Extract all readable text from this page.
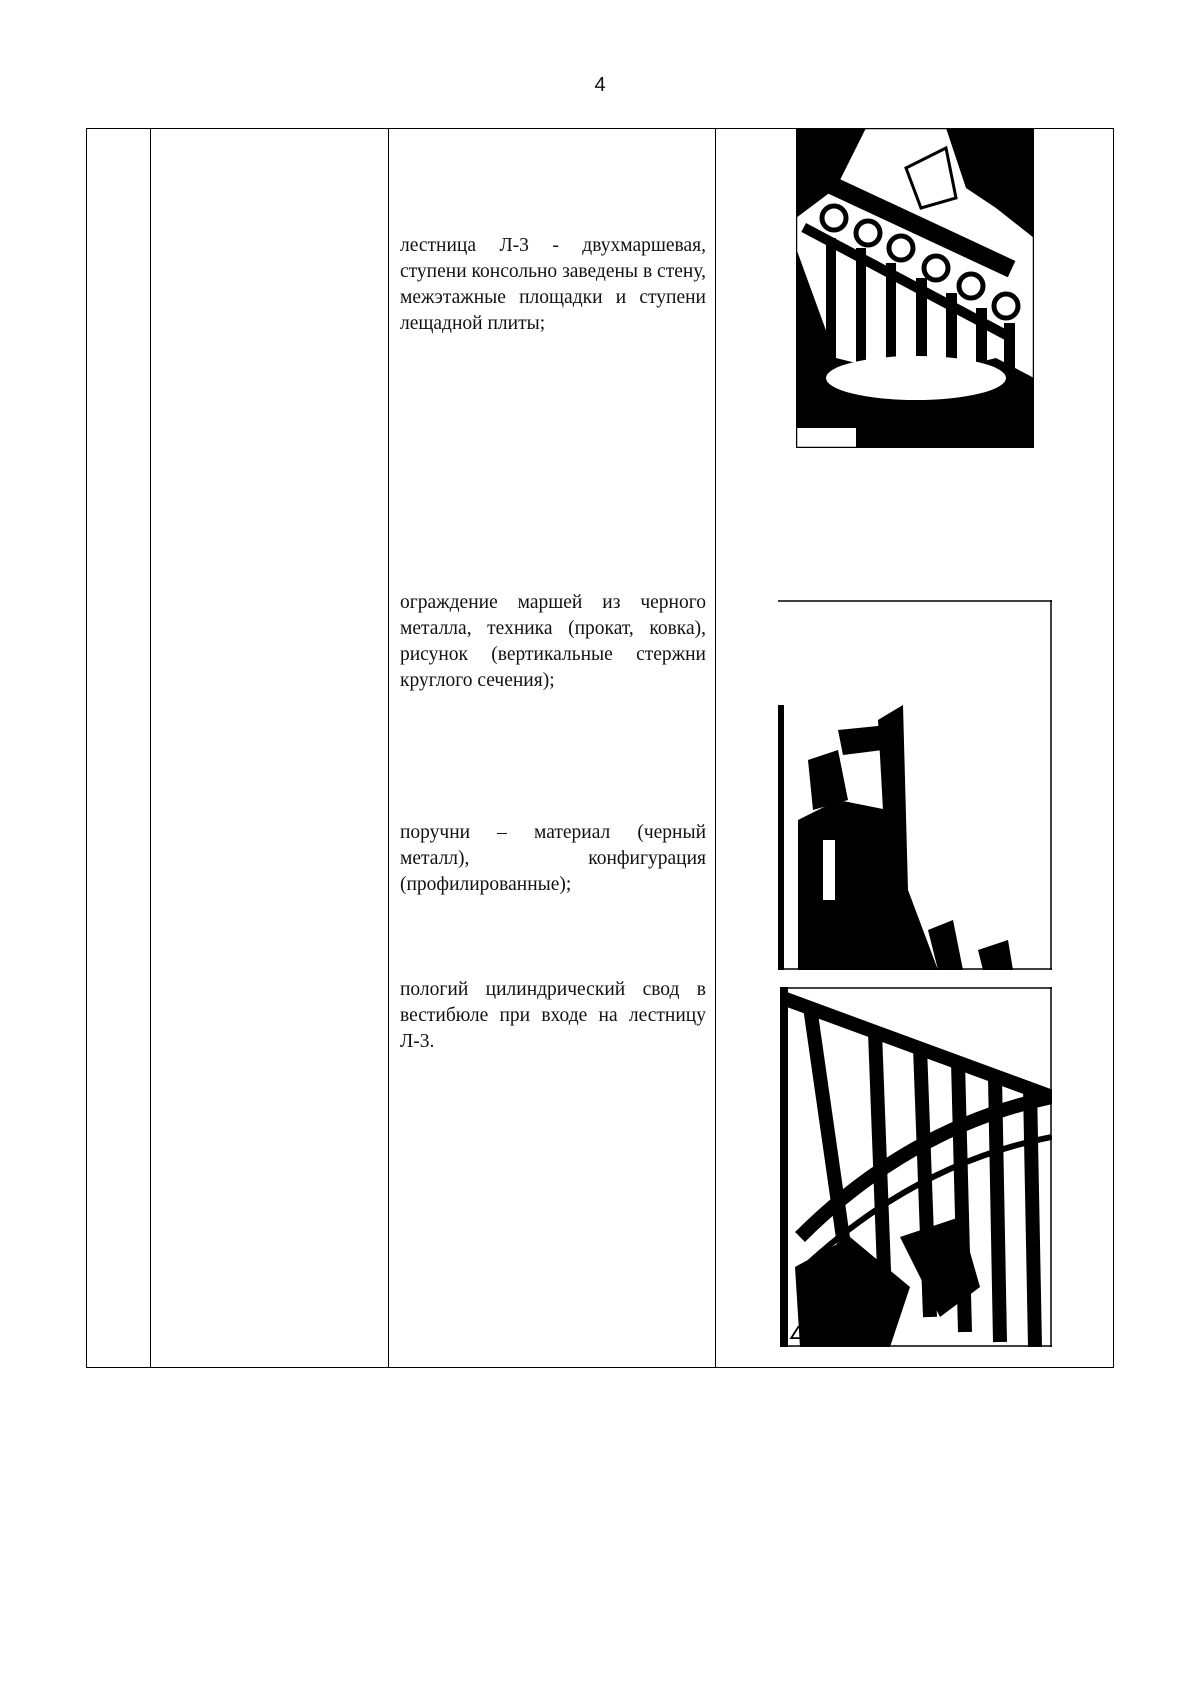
4
лестница Л-3 - двухмаршевая, ступени консольно заведены в стену, межэтажные площадки и ступени лещадной плиты;
ограждение маршей из черного металла, техника (прокат, ковка), рисунок (вертикальные стержни круглого сечения);
поручни – материал (черный металл), конфигурация (профилированные);
пологий цилиндрический свод в вестибюле при входе на лестницу Л-3.
∠
